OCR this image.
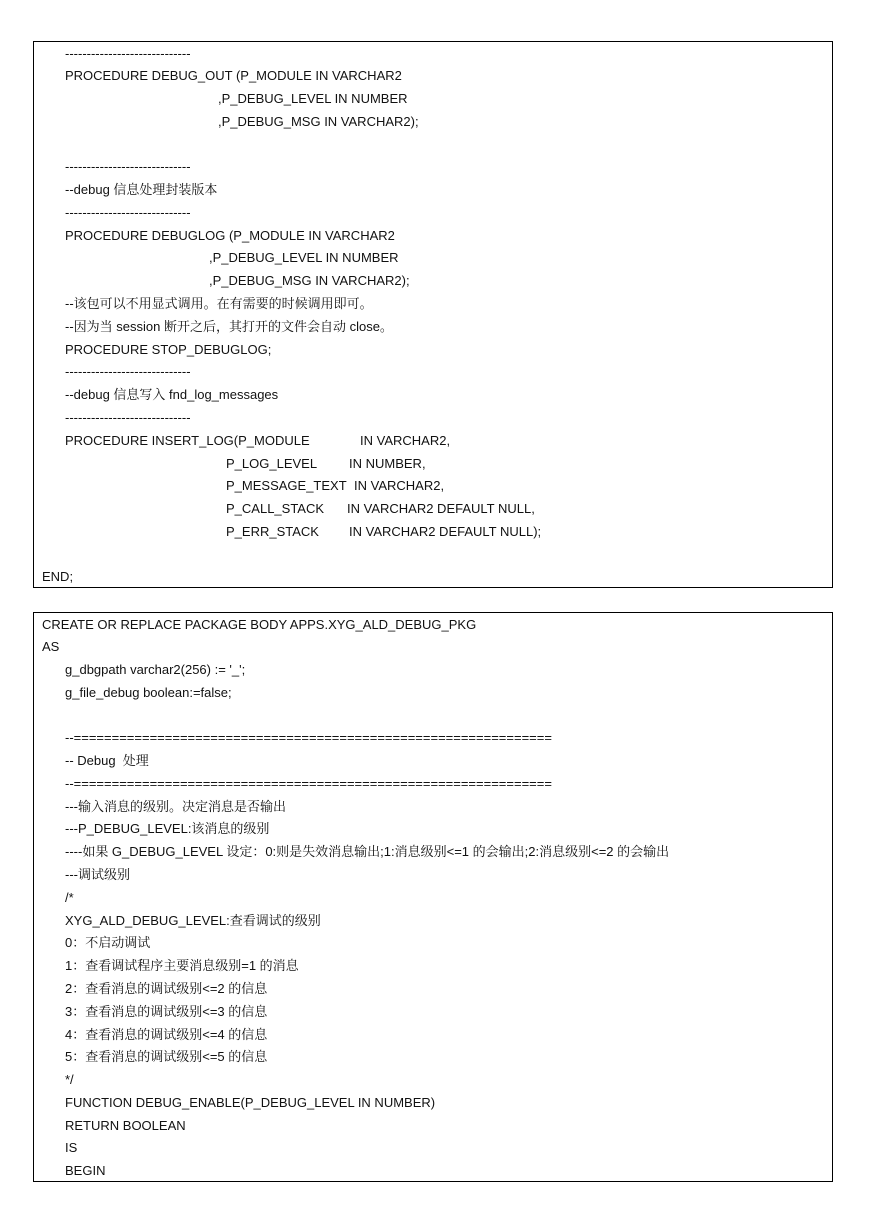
-----------------------------
PROCEDURE DEBUG_OUT (P_MODULE IN VARCHAR2
,P_DEBUG_LEVEL IN NUMBER
,P_DEBUG_MSG IN VARCHAR2);
-----------------------------
--debug 信息处理封装版本
-----------------------------
PROCEDURE DEBUGLOG (P_MODULE IN VARCHAR2
,P_DEBUG_LEVEL IN NUMBER
,P_DEBUG_MSG IN VARCHAR2);
--该包可以不用显式调用。在有需要的时候调用即可。
--因为当 session 断开之后，其打开的文件会自动 close。
PROCEDURE STOP_DEBUGLOG;
-----------------------------
--debug 信息写入 fnd_log_messages
-----------------------------
PROCEDURE INSERT_LOG(P_MODULE	IN VARCHAR2,
P_LOG_LEVEL IN NUMBER,
P_MESSAGE_TEXT IN VARCHAR2,
P_CALL_STACK IN VARCHAR2 DEFAULT NULL,
P_ERR_STACK IN VARCHAR2 DEFAULT NULL);
END;
CREATE OR REPLACE PACKAGE BODY APPS.XYG_ALD_DEBUG_PKG
AS
g_dbgpath varchar2(256) := '_';
g_file_debug boolean:=false;
--===============================================================
-- Debug  处理
--===============================================================
---输入消息的级别。决定消息是否输出
---P_DEBUG_LEVEL:该消息的级别
----如果 G_DEBUG_LEVEL 设定：0:则是失效消息输出;1:消息级别<=1 的会输出;2:消息级别<=2 的会输出
---调试级别
/*
XYG_ALD_DEBUG_LEVEL:查看调试的级别
0：不启动调试
1：查看调试程序主要消息级别=1 的消息
2：查看消息的调试级别<=2 的信息
3：查看消息的调试级别<=3 的信息
4：查看消息的调试级别<=4 的信息
5：查看消息的调试级别<=5 的信息
*/
FUNCTION DEBUG_ENABLE(P_DEBUG_LEVEL IN NUMBER)
RETURN BOOLEAN
IS
BEGIN
